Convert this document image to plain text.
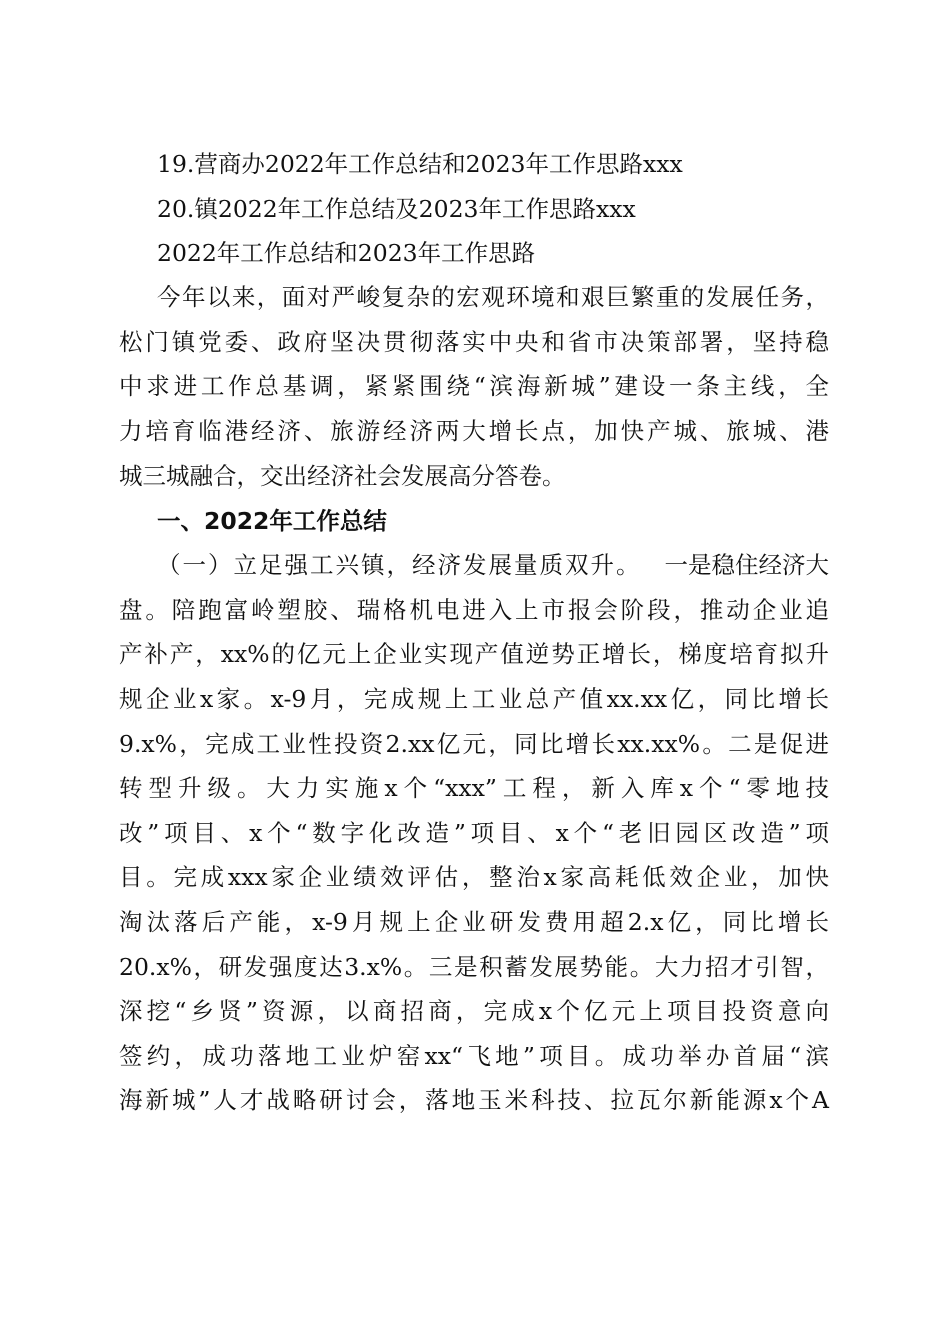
19.营商办2022年工作总结和2023年工作思路xxx
20.镇2022年工作总结及2023年工作思路xxx
2022年工作总结和2023年工作思路
今年以来，面对严峻复杂的宏观环境和艰巨繁重的发展任务，
松门镇党委、政府坚决贯彻落实中央和省市决策部署，坚持稳
中求进工作总基调，紧紧围绕“滨海新城”建设一条主线，全
力培育临港经济、旅游经济两大增长点，加快产城、旅城、港
城三城融合，交出经济社会发展高分答卷。
一、2022年工作总结
（一）立足强工兴镇，经济发展量质双升。 一是稳住经济大
盘。陪跑富岭塑胶、瑞格机电进入上市报会阶段，推动企业追
产补产，xx%的亿元上企业实现产值逆势正增长，梯度培育拟升
规企业x家。x-9月，完成规上工业总产值xx.xx亿，同比增长
9.x%，完成工业性投资2.xx亿元，同比增长xx.xx%。二是促进
转型升级。大力实施x个“xxx”工程，新入库x个“零地技
改”项目、x个“数字化改造”项目、x个“老旧园区改造”项
目。完成xxx家企业绩效评估，整治x家高耗低效企业，加快
淘汰落后产能，x-9月规上企业研发费用超2.x亿，同比增长
20.x%，研发强度达3.x%。三是积蓄发展势能。大力招才引智，
深挖“乡贤”资源，以商招商，完成x个亿元上项目投资意向
签约，成功落地工业炉窑xx“飞地”项目。成功举办首届“滨
海新城”人才战略研讨会，落地玉米科技、拉瓦尔新能源x个A
